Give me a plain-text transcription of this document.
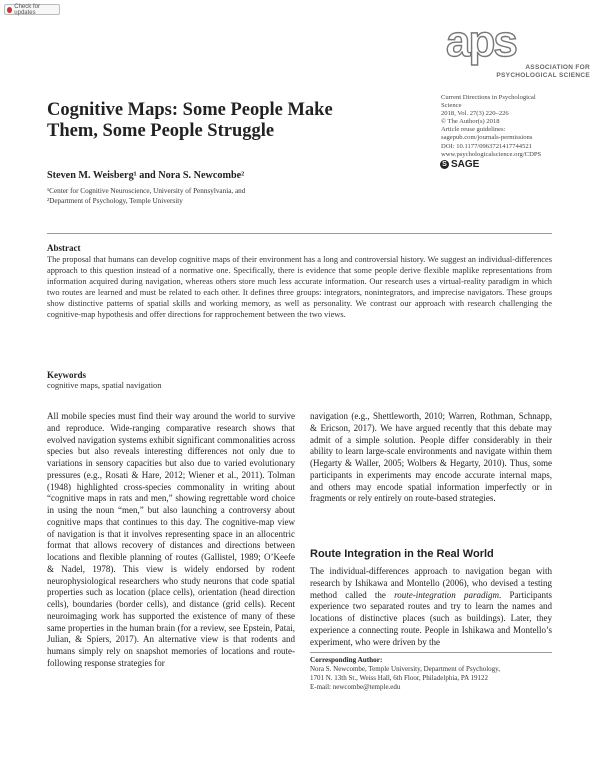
Check for updates
aps
ASSOCIATION FOR
PSYCHOLOGICAL SCIENCE
Current Directions in Psychological
Science
2018, Vol. 27(3) 220–226
© The Author(s) 2018
Article reuse guidelines:
sagepub.com/journals-permissions
DOI: 10.1177/0963721417744521
www.psychologicalscience.org/CDPS
S SAGE
Cognitive Maps: Some People Make
Them, Some People Struggle
Steven M. Weisberg¹ and Nora S. Newcombe²
¹Center for Cognitive Neuroscience, University of Pennsylvania, and
²Department of Psychology, Temple University
Abstract
The proposal that humans can develop cognitive maps of their environment has a long and controversial history. We suggest an individual-differences approach to this question instead of a normative one. Specifically, there is evidence that some people derive flexible maplike representations from information acquired during navigation, whereas others store much less accurate information. Our research uses a virtual-reality paradigm in which two routes are learned and must be related to each other. It defines three groups: integrators, nonintegrators, and imprecise navigators. These groups show distinctive patterns of spatial skills and working memory, as well as personality. We contrast our approach with research challenging the cognitive-map hypothesis and offer directions for rapprochement between the two views.
Keywords
cognitive maps, spatial navigation
All mobile species must find their way around the world to survive and reproduce. Wide-ranging comparative research shows that evolved navigation systems exhibit significant commonalities across species but also reveals interesting differences not only due to variations in sensory capacities but also due to varied evolutionary pressures (e.g., Rosati & Hare, 2012; Wiener et al., 2011). Tolman (1948) highlighted cross-species commonality in writing about “cognitive maps in rats and men,” showing regrettable word choice in using the noun “men,” but also launching a controversy about cognitive maps that continues to this day. The cognitive-map view of navigation is that it involves representing space in an allocentric format that allows recovery of distances and directions between locations and flexible planning of routes (Gallistel, 1989; O’Keefe & Nadel, 1978). This view is widely endorsed by rodent neurophysiological researchers who study neurons that code spatial properties such as location (place cells), orientation (head direction cells), boundaries (border cells), and distance (grid cells). Recent neuroimaging work has supported the existence of many of these same properties in the human brain (for a review, see Epstein, Patai, Julian, & Spiers, 2017). An alternative view is that rodents and humans simply rely on snapshot memories of locations and route-following response strategies for
navigation (e.g., Shettleworth, 2010; Warren, Rothman, Schnapp, & Ericson, 2017). We have argued recently that this debate may admit of a simple solution. People differ considerably in their ability to learn large-scale environments and navigate within them (Hegarty & Waller, 2005; Wolbers & Hegarty, 2010). Thus, some participants in experiments may encode accurate internal maps, and others may encode spatial information imperfectly or in fragments or rely entirely on route-based strategies.
Route Integration in the Real World
The individual-differences approach to navigation began with research by Ishikawa and Montello (2006), who devised a testing method called the route-integration paradigm. Participants experience two separated routes and try to learn the names and locations of distinctive places (such as buildings). Later, they experience a connecting route. People in Ishikawa and Montello’s experiment, who were driven by the
Corresponding Author:
Nora S. Newcombe, Temple University, Department of Psychology,
1701 N. 13th St., Weiss Hall, 6th Floor, Philadelphia, PA 19122
E-mail: newcombe@temple.edu
